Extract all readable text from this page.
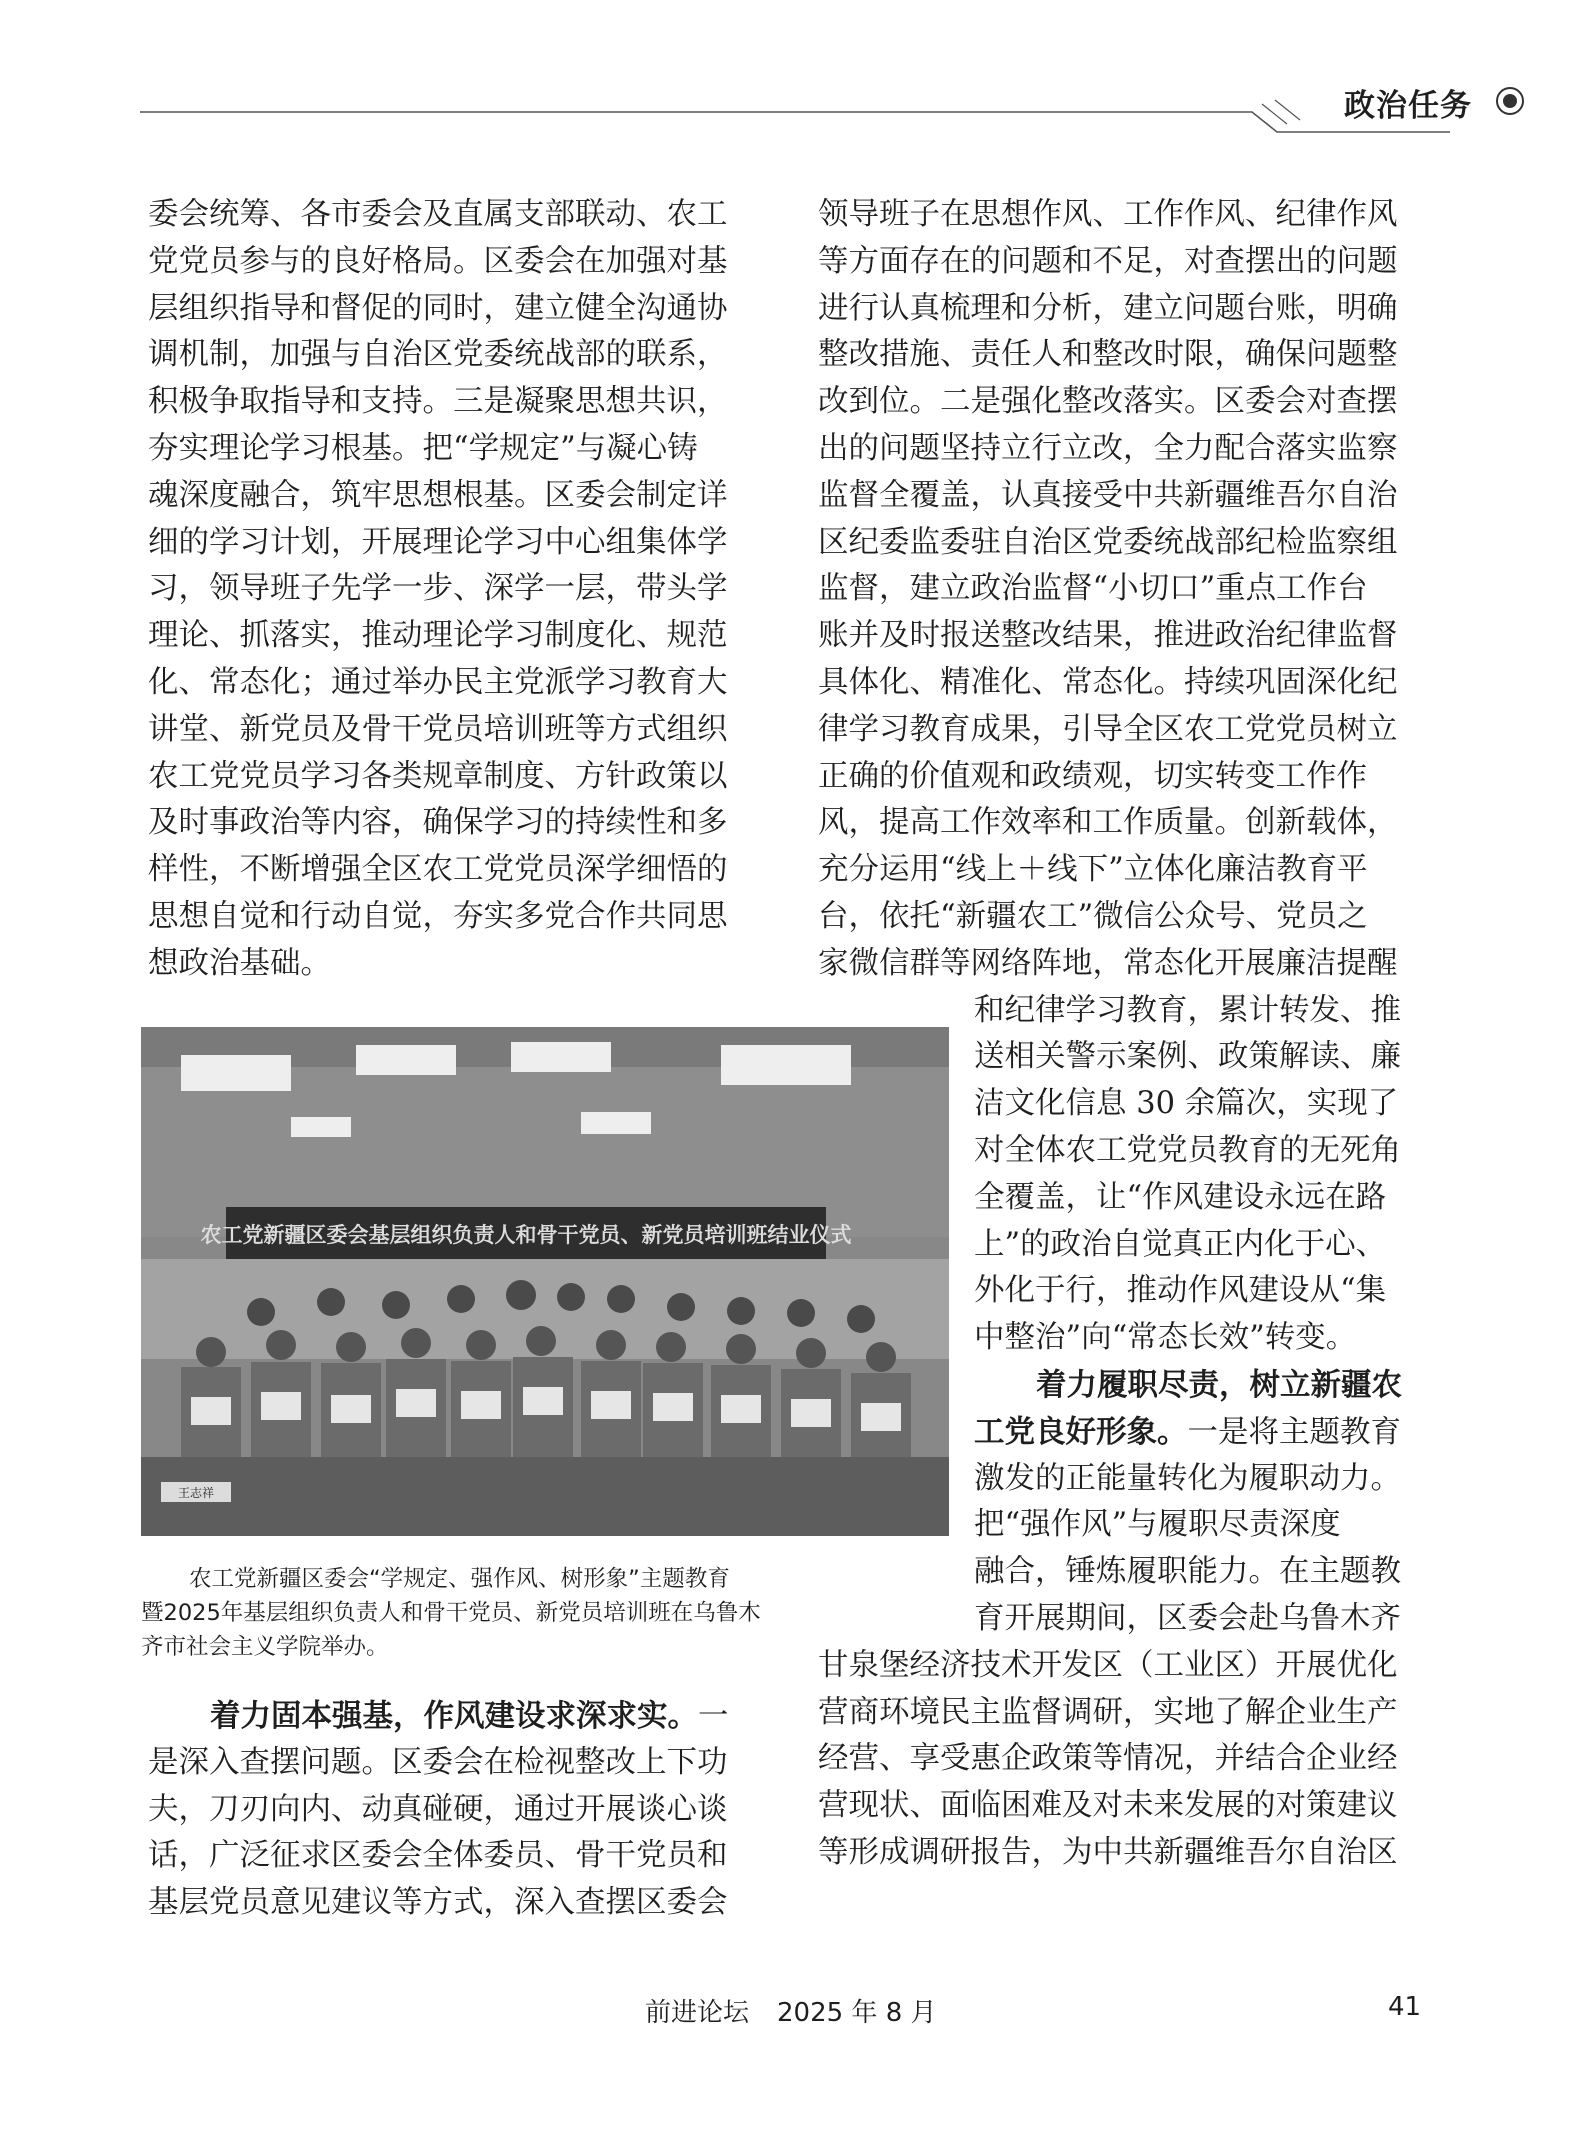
政治任务
委会统筹、各市委会及直属支部联动、农工
党党员参与的良好格局。区委会在加强对基
层组织指导和督促的同时，建立健全沟通协
调机制，加强与自治区党委统战部的联系，
积极争取指导和支持。三是凝聚思想共识，
夯实理论学习根基。把“学规定”与凝心铸
魂深度融合，筑牢思想根基。区委会制定详
细的学习计划，开展理论学习中心组集体学
习，领导班子先学一步、深学一层，带头学
理论、抓落实，推动理论学习制度化、规范
化、常态化；通过举办民主党派学习教育大
讲堂、新党员及骨干党员培训班等方式组织
农工党党员学习各类规章制度、方针政策以
及时事政治等内容，确保学习的持续性和多
样性，不断增强全区农工党党员深学细悟的
思想自觉和行动自觉，夯实多党合作共同思
想政治基础。
领导班子在思想作风、工作作风、纪律作风
等方面存在的问题和不足，对查摆出的问题
进行认真梳理和分析，建立问题台账，明确
整改措施、责任人和整改时限，确保问题整
改到位。二是强化整改落实。区委会对查摆
出的问题坚持立行立改，全力配合落实监察
监督全覆盖，认真接受中共新疆维吾尔自治
区纪委监委驻自治区党委统战部纪检监察组
监督，建立政治监督“小切口”重点工作台
账并及时报送整改结果，推进政治纪律监督
具体化、精准化、常态化。持续巩固深化纪
律学习教育成果，引导全区农工党党员树立
正确的价值观和政绩观，切实转变工作作
风，提高工作效率和工作质量。创新载体，
充分运用“线上＋线下”立体化廉洁教育平
台，依托“新疆农工”微信公众号、党员之
家微信群等网络阵地，常态化开展廉洁提醒
和纪律学习教育，累计转发、推
送相关警示案例、政策解读、廉
洁文化信息 30 余篇次，实现了
对全体农工党党员教育的无死角
全覆盖，让“作风建设永远在路
上”的政治自觉真正内化于心、
外化于行，推动作风建设从“集
中整治”向“常态长效”转变。
着力履职尽责，树立新疆农
工党良好形象。一是将主题教育
激发的正能量转化为履职动力。
把“强作风”与履职尽责深度
融合，锤炼履职能力。在主题教
育开展期间，区委会赴乌鲁木齐
甘泉堡经济技术开发区（工业区）开展优化
营商环境民主监督调研，实地了解企业生产
经营、享受惠企政策等情况，并结合企业经
营现状、面临困难及对未来发展的对策建议
等形成调研报告，为中共新疆维吾尔自治区
农工党新疆区委会基层组织负责人和骨干党员、新党员培训班结业仪式
王志祥
农工党新疆区委会“学规定、强作风、树形象”主题教育
暨2025年基层组织负责人和骨干党员、新党员培训班在乌鲁木
齐市社会主义学院举办。
着力固本强基，作风建设求深求实。一
是深入查摆问题。区委会在检视整改上下功
夫，刀刃向内、动真碰硬，通过开展谈心谈
话，广泛征求区委会全体委员、骨干党员和
基层党员意见建议等方式，深入查摆区委会
前进论坛 2025 年 8 月	41
